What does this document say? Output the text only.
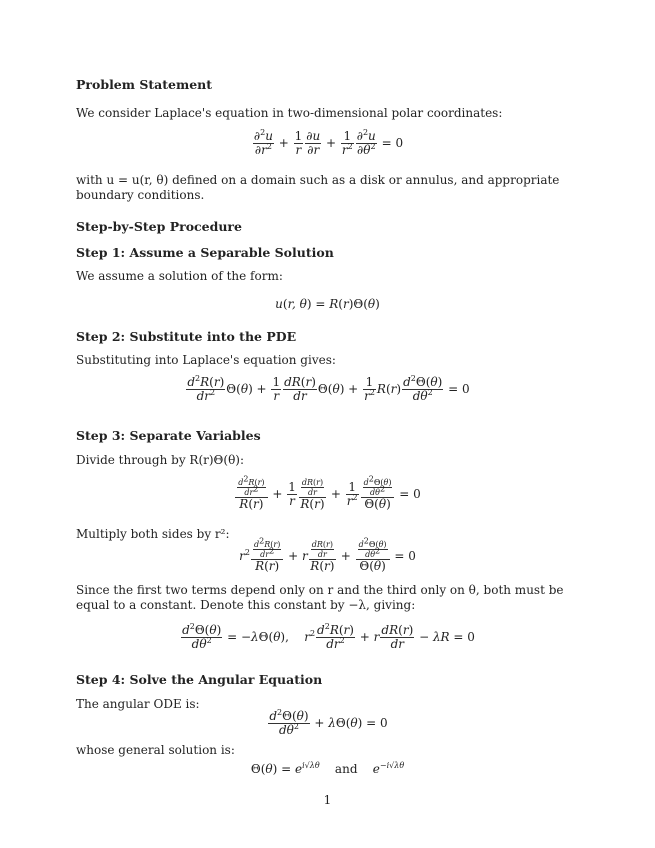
Problem Statement
We consider Laplace's equation in two-dimensional polar coordinates:
$\frac{\partial^2u}{\partial r^2} + \frac{1}{r} \frac{\partial u}{\partial r} + \frac{1}{r^2} \frac{\partial^2u}{\partial\theta^2} = 0$
with u = u(r, θ) defined on a domain such as a disk or annulus, and appropriate boundary conditions.
Step-by-Step Procedure
Step 1: Assume a Separable Solution
We assume a solution of the form:
u(r, θ) = R(r)Θ(θ)
Step 2: Substitute into the PDE
Substituting into Laplace's equation gives:
$\frac{d^2R(r)}{dr^2} \Theta(\theta) + \frac{1}{r} \frac{dR(r)}{dr} \Theta(\theta) + \frac{1}{r^2} R(r) \frac{d^2\Theta(\theta)}{d\theta^2} = 0$
Step 3: Separate Variables
Divide through by R(r)Θ(θ):
$\frac{\frac{d^2R(r)}{dr^2}}{R(r)} + \frac{1}{r} \frac{\frac{dR(r)}{dr}}{R(r)} + \frac{1}{r^2} \frac{\frac{d^2\Theta(\theta)}{d\theta^2}}{\Theta(\theta)} = 0$
Multiply both sides by r²:
$r^2 \frac{\frac{d^2R(r)}{dr^2}}{R(r)} + r \frac{\frac{dR(r)}{dr}}{R(r)} + \frac{\frac{d^2\Theta(\theta)}{d\theta^2}}{\Theta(\theta)} = 0$
Since the first two terms depend only on r and the third only on θ, both must be equal to a constant. Denote this constant by −λ, giving:
$\frac{d^2\Theta(\theta)}{d\theta^2} = -\lambda\Theta(\theta)$,    $r^2 \frac{d^2R(r)}{dr^2} + r \frac{dR(r)}{dr} - \lambda R = 0$
Step 4: Solve the Angular Equation
The angular ODE is:
$\frac{d^2\Theta(\theta)}{d\theta^2} + \lambda\Theta(\theta) = 0$
whose general solution is:
$\Theta(\theta) = e^{i√\lambda\theta}$    and    $e^{-i√\lambda\theta}$
1
